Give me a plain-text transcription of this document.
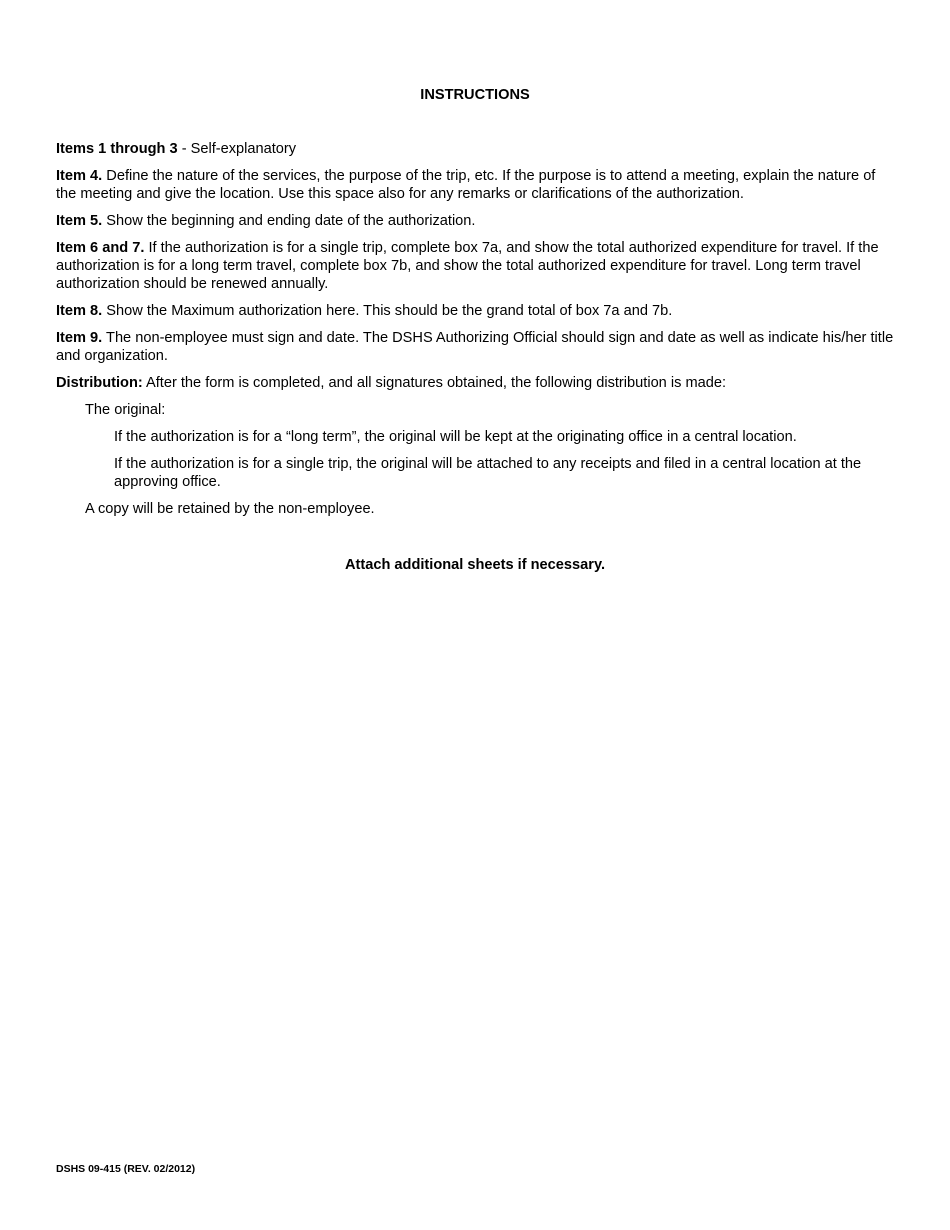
INSTRUCTIONS

Items 1 through 3 - Self-explanatory

Item 4. Define the nature of the services, the purpose of the trip, etc. If the purpose is to attend a meeting, explain the nature of the meeting and give the location. Use this space also for any remarks or clarifications of the authorization.

Item 5. Show the beginning and ending date of the authorization.

Item 6 and 7. If the authorization is for a single trip, complete box 7a, and show the total authorized expenditure for travel. If the authorization is for a long term travel, complete box 7b, and show the total authorized expenditure for travel. Long term travel authorization should be renewed annually.

Item 8. Show the Maximum authorization here. This should be the grand total of box 7a and 7b.

Item 9. The non-employee must sign and date. The DSHS Authorizing Official should sign and date as well as indicate his/her title and organization.

Distribution: After the form is completed, and all signatures obtained, the following distribution is made:

The original:

If the authorization is for a “long term”, the original will be kept at the originating office in a central location.

If the authorization is for a single trip, the original will be attached to any receipts and filed in a central location at the approving office.

A copy will be retained by the non-employee.

Attach additional sheets if necessary.

DSHS 09-415 (REV. 02/2012)
